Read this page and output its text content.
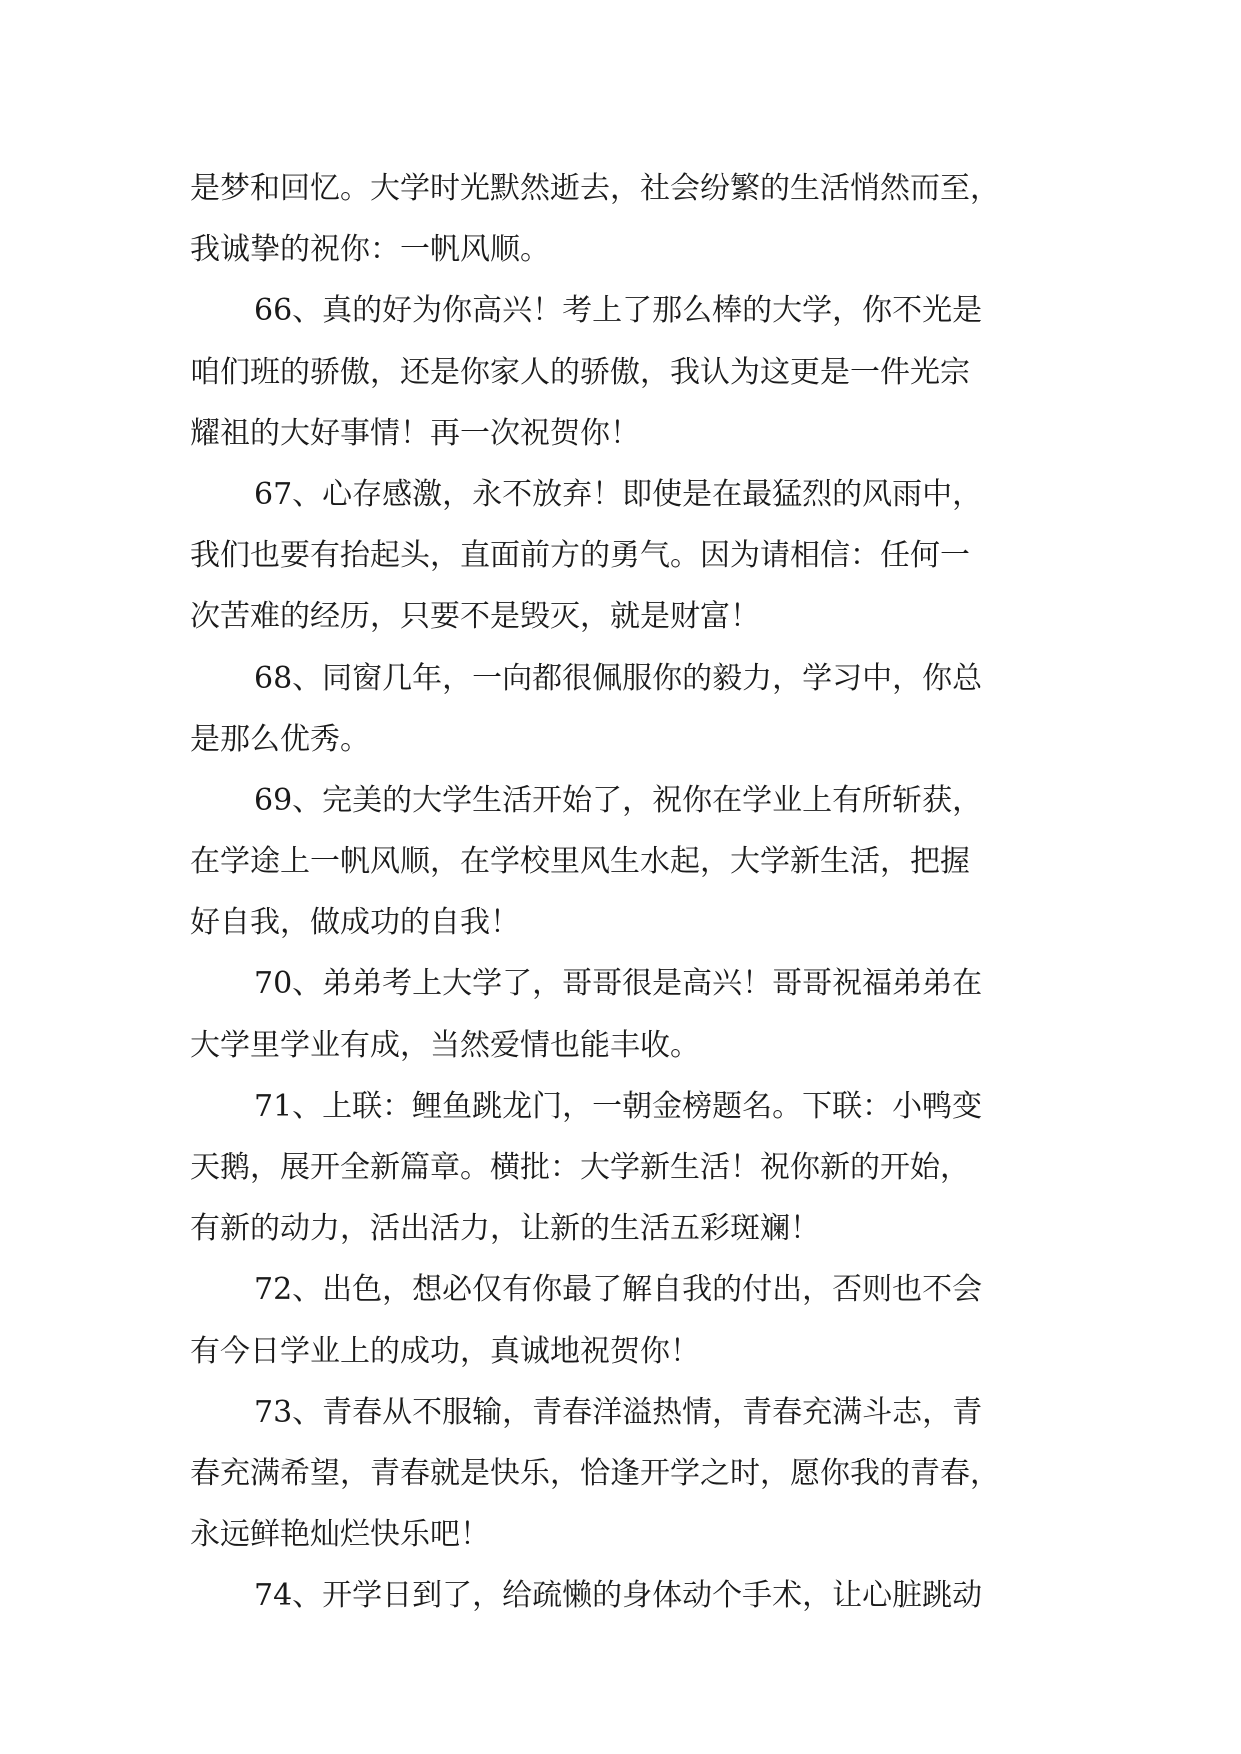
是梦和回忆。大学时光默然逝去，社会纷繁的生活悄然而至，
我诚挚的祝你：一帆风顺。
66、真的好为你高兴！考上了那么棒的大学，你不光是
咱们班的骄傲，还是你家人的骄傲，我认为这更是一件光宗
耀祖的大好事情！再一次祝贺你！
67、心存感激，永不放弃！即使是在最猛烈的风雨中，
我们也要有抬起头，直面前方的勇气。因为请相信：任何一
次苦难的经历，只要不是毁灭，就是财富！
68、同窗几年，一向都很佩服你的毅力，学习中，你总
是那么优秀。
69、完美的大学生活开始了，祝你在学业上有所斩获，
在学途上一帆风顺，在学校里风生水起，大学新生活，把握
好自我，做成功的自我！
70、弟弟考上大学了，哥哥很是高兴！哥哥祝福弟弟在
大学里学业有成，当然爱情也能丰收。
71、上联：鲤鱼跳龙门，一朝金榜题名。下联：小鸭变
天鹅，展开全新篇章。横批：大学新生活！祝你新的开始，
有新的动力，活出活力，让新的生活五彩斑斓！
72、出色，想必仅有你最了解自我的付出，否则也不会
有今日学业上的成功，真诚地祝贺你！
73、青春从不服输，青春洋溢热情，青春充满斗志，青
春充满希望，青春就是快乐，恰逢开学之时，愿你我的青春，
永远鲜艳灿烂快乐吧！
74、开学日到了，给疏懒的身体动个手术，让心脏跳动
